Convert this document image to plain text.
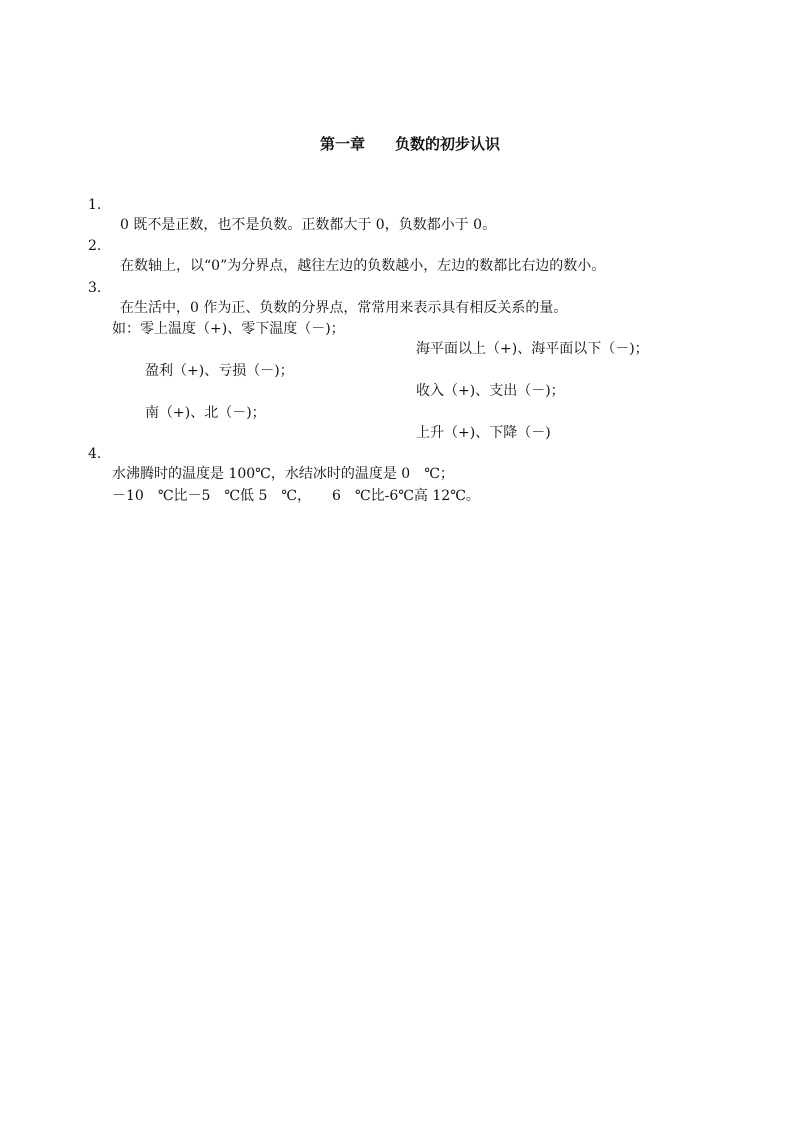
第一章　　负数的初步认识

1.

0 既不是正数，也不是负数。正数都大于 0，负数都小于 0。

2.

在数轴上，以“0”为分界点，越往左边的负数越小，左边的数都比右边的数小。

3.

在生活中，0 作为正、负数的分界点，常常用来表示具有相反关系的量。

如：零上温度（+)、零下温度（－)；

海平面以上（+)、海平面以下（－)；

盈利（+)、亏损（－)；

收入（+)、支出（－)；

南（+)、北（－)；

上升（+)、下降（－)

4.

水沸腾时的温度是 100℃，水结冰时的温度是 0　℃；

－10　℃比－5　℃低 5　℃，　　6　℃比-6℃高 12℃。
